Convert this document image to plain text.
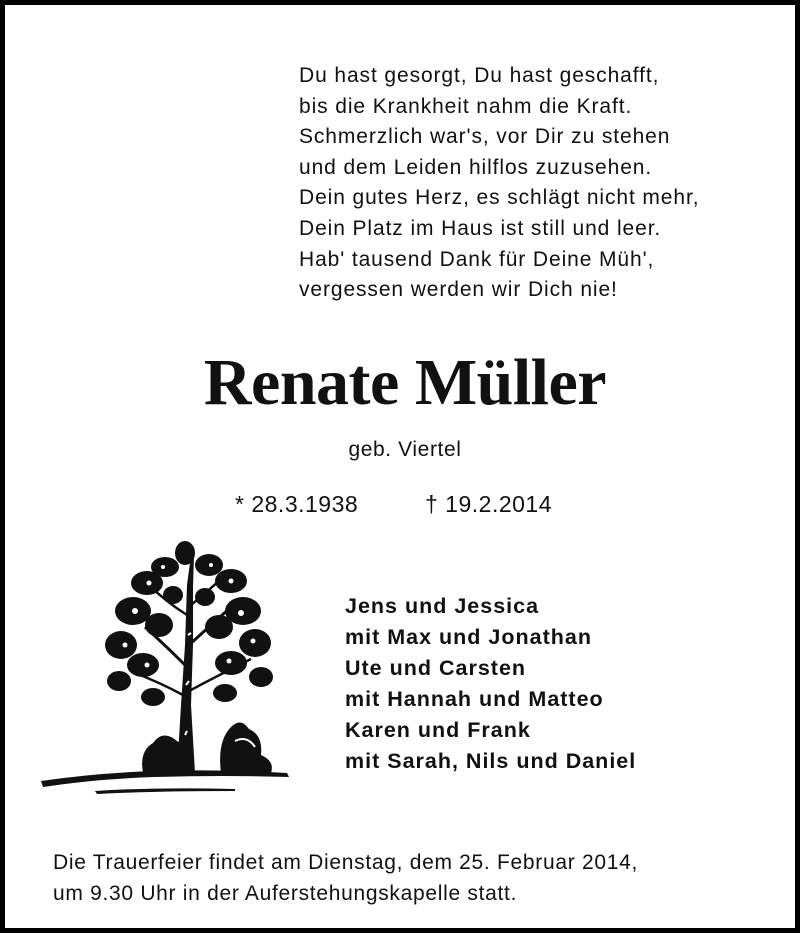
Du hast gesorgt, Du hast geschafft,
bis die Krankheit nahm die Kraft.
Schmerzlich war's, vor Dir zu stehen
und dem Leiden hilflos zuzusehen.
Dein gutes Herz, es schlägt nicht mehr,
Dein Platz im Haus ist still und leer.
Hab' tausend Dank für Deine Müh',
vergessen werden wir Dich nie!
Renate Müller
geb. Viertel
* 28.3.1938	† 19.2.2014
Jens und Jessica
mit Max und Jonathan
Ute und Carsten
mit Hannah und Matteo
Karen und Frank
mit Sarah, Nils und Daniel
Die Trauerfeier findet am Dienstag, dem 25. Februar 2014,
um 9.30 Uhr in der Auferstehungskapelle statt.
